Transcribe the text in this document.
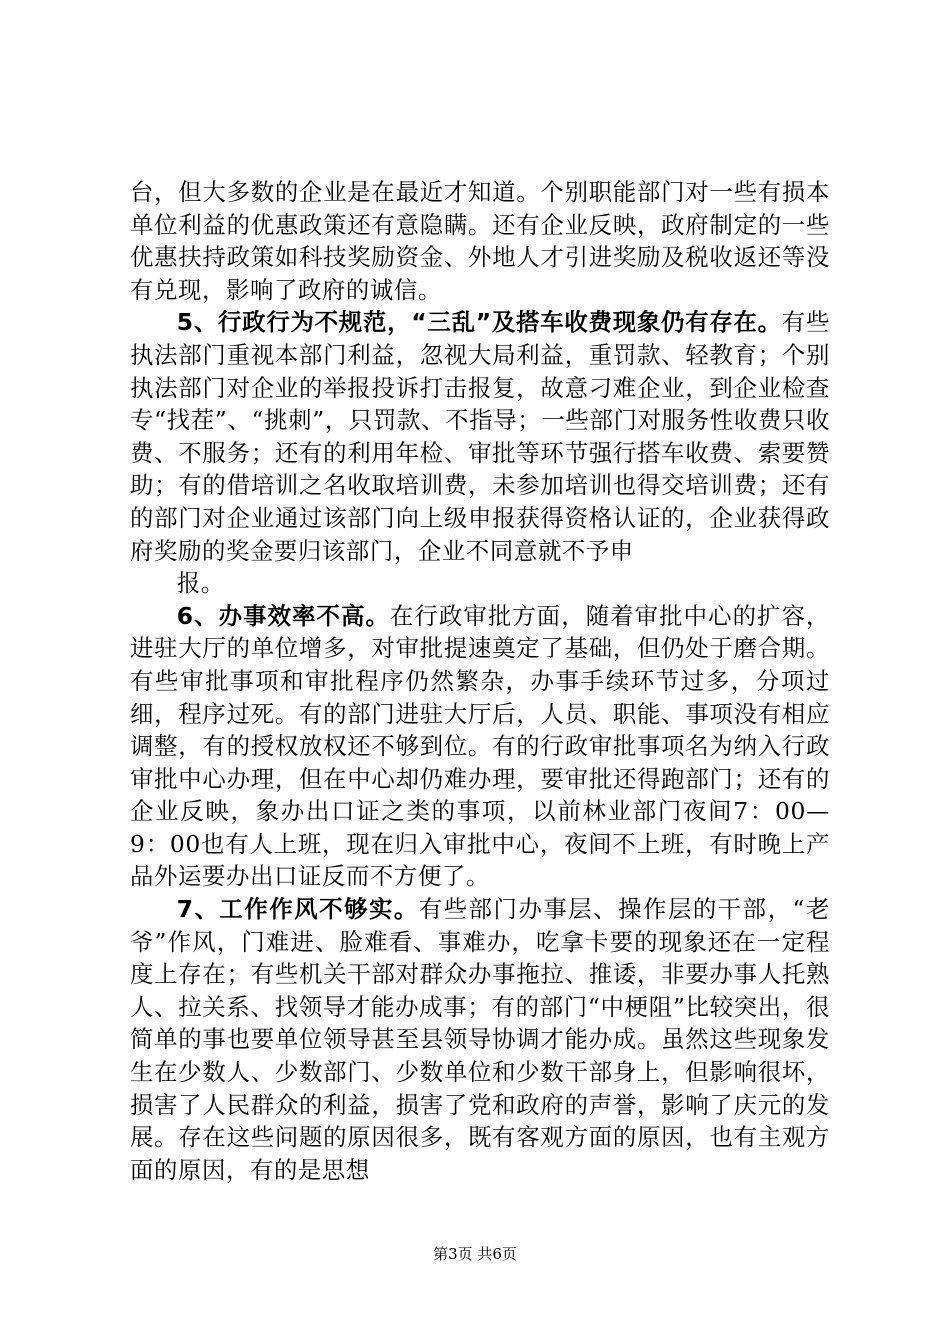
台，但大多数的企业是在最近才知道。个别职能部门对一些有损本单位利益的优惠政策还有意隐瞒。还有企业反映，政府制定的一些优惠扶持政策如科技奖励资金、外地人才引进奖励及税收返还等没有兑现，影响了政府的诚信。

5、行政行为不规范，“三乱”及搭车收费现象仍有存在。有些执法部门重视本部门利益，忽视大局利益，重罚款、轻教育；个别执法部门对企业的举报投诉打击报复，故意刁难企业，到企业检查专“找茬”、“挑刺”，只罚款、不指导；一些部门对服务性收费只收费、不服务；还有的利用年检、审批等环节强行搭车收费、索要赞助；有的借培训之名收取培训费，未参加培训也得交培训费；还有的部门对企业通过该部门向上级申报获得资格认证的，企业获得政府奖励的奖金要归该部门，企业不同意就不予申

报。

6、办事效率不高。在行政审批方面，随着审批中心的扩容，进驻大厅的单位增多，对审批提速奠定了基础，但仍处于磨合期。有些审批事项和审批程序仍然繁杂，办事手续环节过多，分项过细，程序过死。有的部门进驻大厅后，人员、职能、事项没有相应调整，有的授权放权还不够到位。有的行政审批事项名为纳入行政审批中心办理，但在中心却仍难办理，要审批还得跑部门；还有的企业反映，象办出口证之类的事项，以前林业部门夜间7：00—9：00也有人上班，现在归入审批中心，夜间不上班，有时晚上产品外运要办出口证反而不方便了。

7、工作作风不够实。有些部门办事层、操作层的干部，“老爷”作风，门难进、脸难看、事难办，吃拿卡要的现象还在一定程度上存在；有些机关干部对群众办事拖拉、推诿，非要办事人托熟人、拉关系、找领导才能办成事；有的部门“中梗阻”比较突出，很简单的事也要单位领导甚至县领导协调才能办成。虽然这些现象发生在少数人、少数部门、少数单位和少数干部身上，但影响很坏，损害了人民群众的利益，损害了党和政府的声誉，影响了庆元的发展。存在这些问题的原因很多，既有客观方面的原因，也有主观方面的原因，有的是思想

第3页 共6页
